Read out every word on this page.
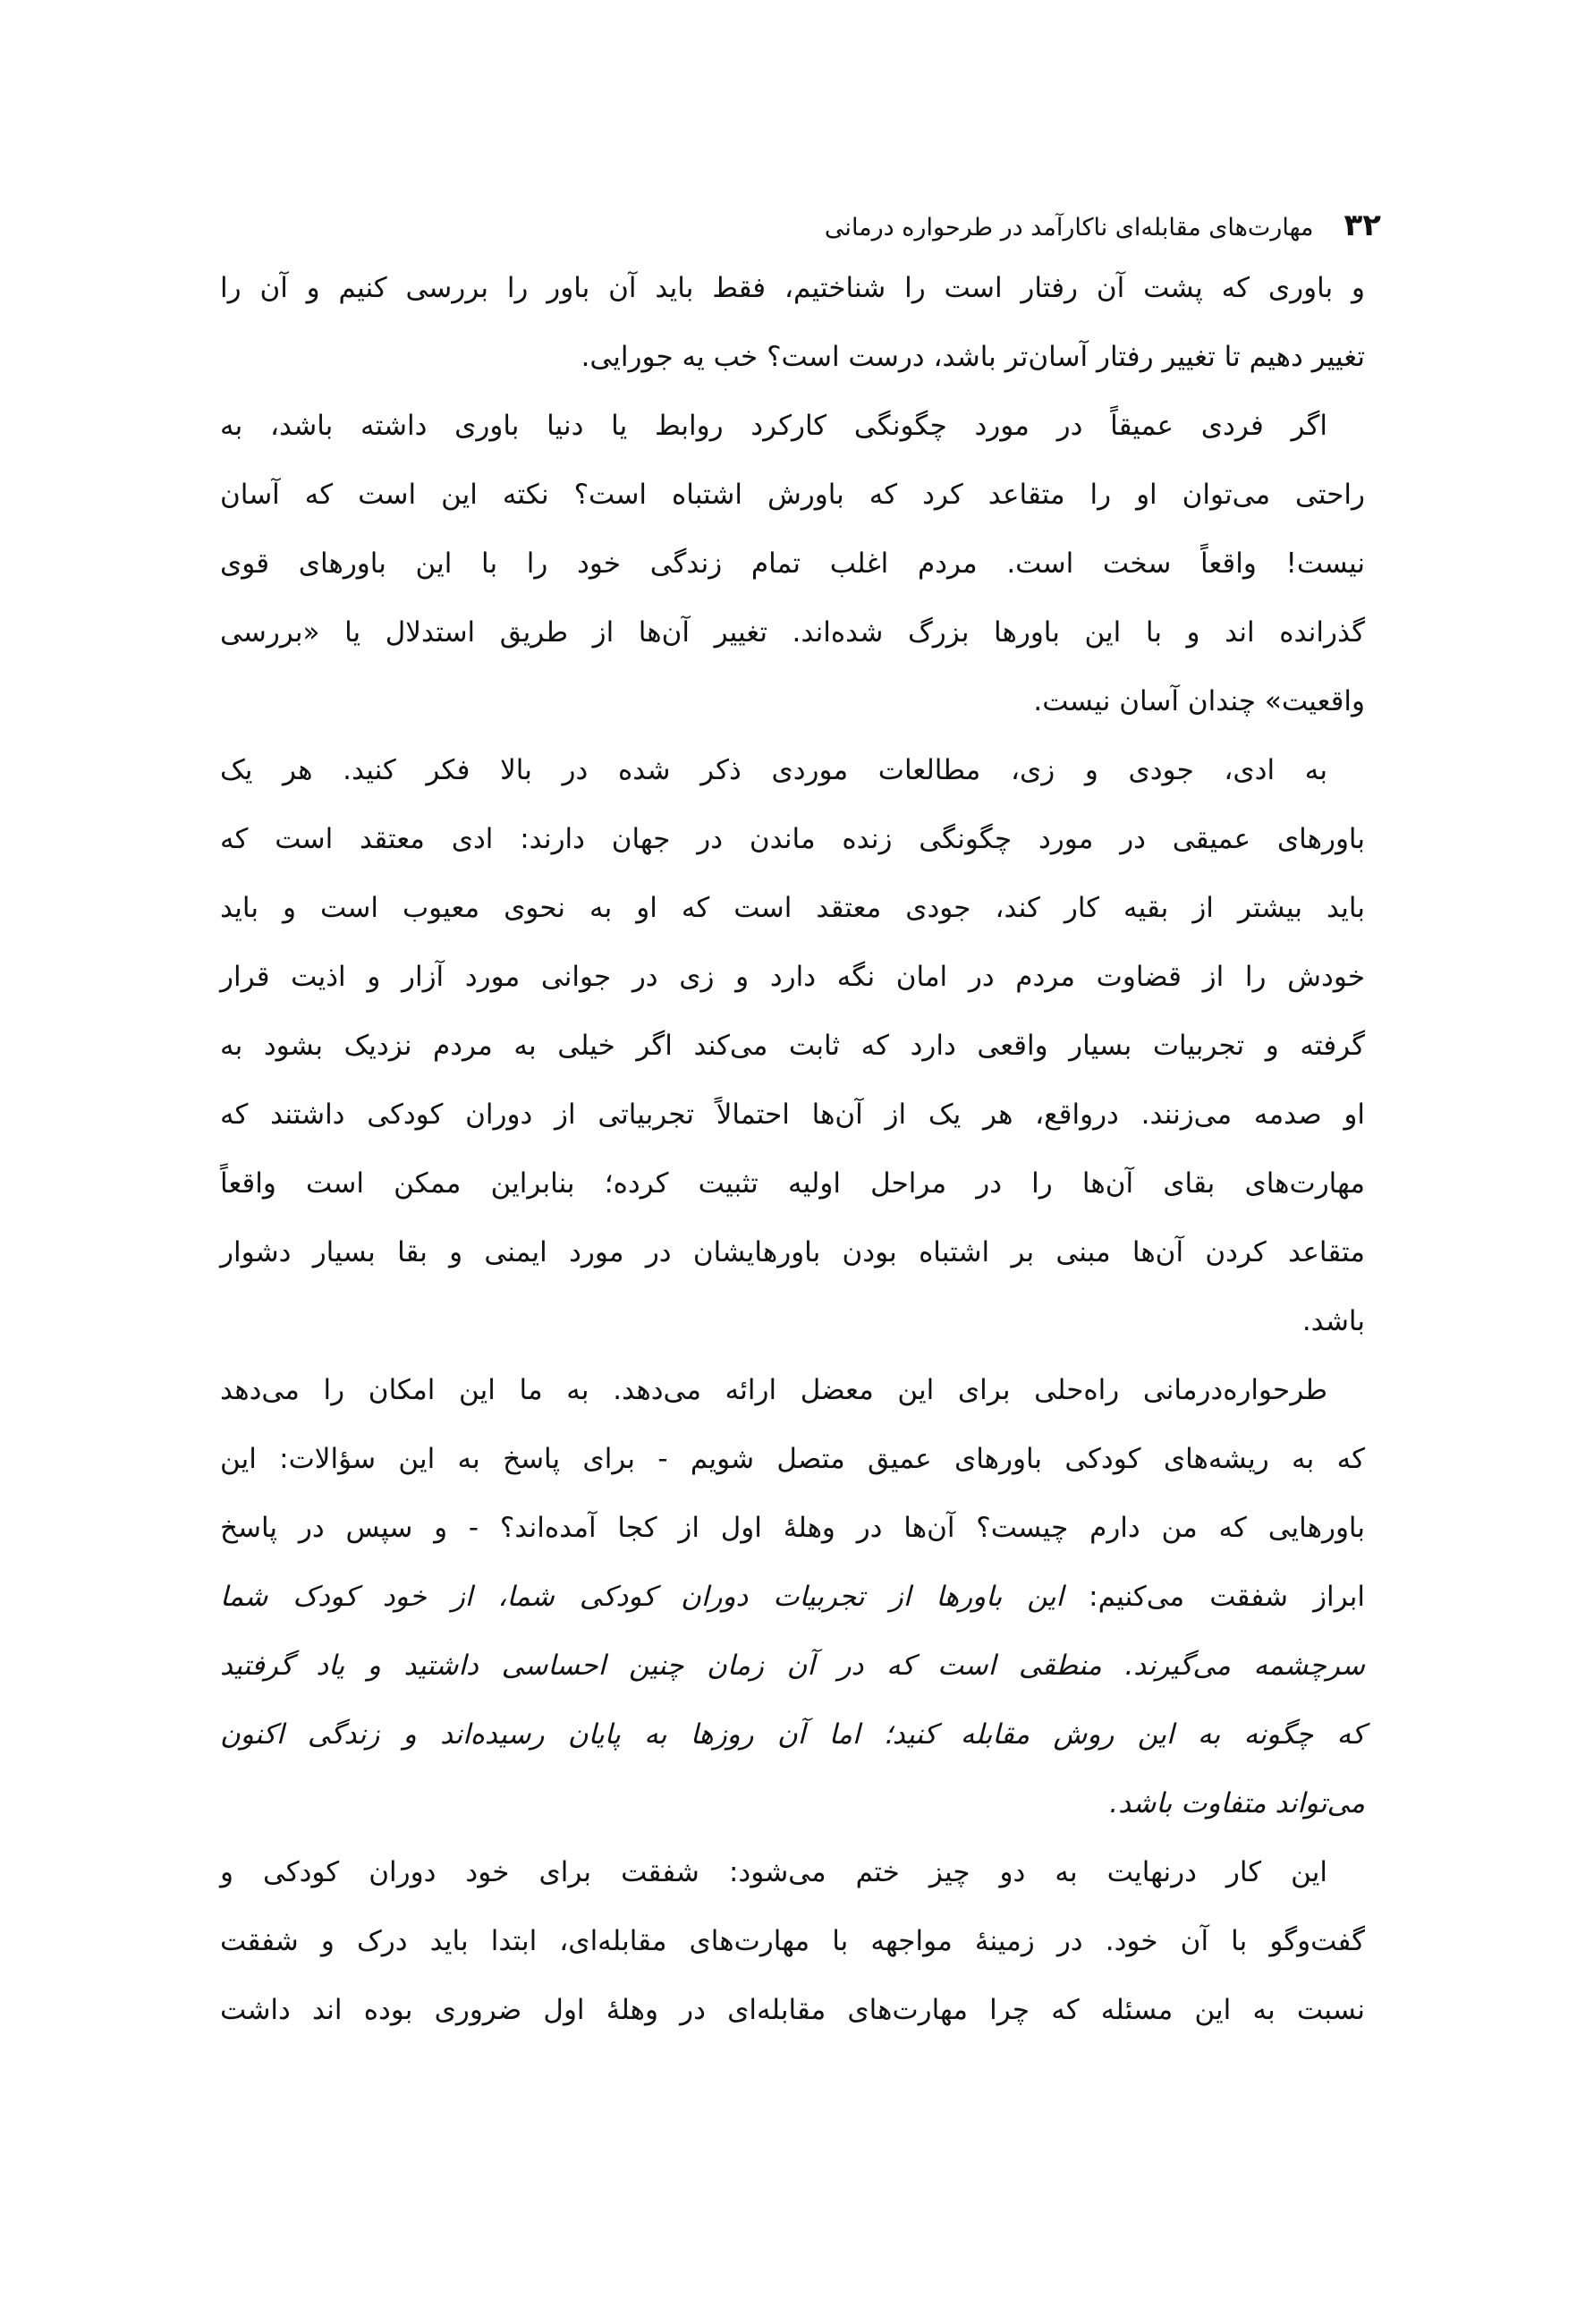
۳۲
مهارت‌های مقابله‌ای ناکارآمد در طرحواره درمانی
و باوری که پشت آن رفتار است را شناختیم، فقط باید آن باور را بررسی کنیم و آن را
تغییر دهیم تا تغییر رفتار آسان‌تر باشد، درست است؟ خب یه جورایی.
اگر فردی عمیقاً در مورد چگونگی کارکرد روابط یا دنیا باوری داشته باشد، به
راحتی می‌توان او را متقاعد کرد که باورش اشتباه است؟ نکته این است که آسان
نیست! واقعاً سخت است. مردم اغلب تمام زندگی خود را با این باورهای قوی
گذرانده اند و با این باورها بزرگ شده‌اند. تغییر آن‌ها از طریق استدلال یا «بررسی
واقعیت» چندان آسان نیست.
به ادی، جودی و زی، مطالعات موردی ذکر شده در بالا فکر کنید. هر یک
باورهای عمیقی در مورد چگونگی زنده ماندن در جهان دارند: ادی معتقد است که
باید بیشتر از بقیه کار کند، جودی معتقد است که او به نحوی معیوب است و باید
خودش را از قضاوت مردم در امان نگه دارد و زی در جوانی مورد آزار و اذیت قرار
گرفته و تجربیات بسیار واقعی دارد که ثابت می‌کند اگر خیلی به مردم نزدیک بشود به
او صدمه می‌زنند. درواقع، هر یک از آن‌ها احتمالاً تجربیاتی از دوران کودکی داشتند که
مهارت‌های بقای آن‌ها را در مراحل اولیه تثبیت کرده؛ بنابراین ممکن است واقعاً
متقاعد کردن آن‌ها مبنی بر اشتباه بودن باورهایشان در مورد ایمنی و بقا بسیار دشوار
باشد.
طرحواره‌درمانی راه‌حلی برای این معضل ارائه می‌دهد. به ما این امکان را می‌دهد
که به ریشه‌های کودکی باورهای عمیق متصل شویم - برای پاسخ به این سؤالات: این
باورهایی که من دارم چیست؟ آن‌ها در وهلهٔ اول از کجا آمده‌اند؟ - و سپس در پاسخ
ابراز شفقت می‌کنیم: این باورها از تجربیات دوران کودکی شما، از خود کودک شما
سرچشمه می‌گیرند. منطقی است که در آن زمان چنین احساسی داشتید و یاد گرفتید
که چگونه به این روش مقابله کنید؛ اما آن روزها به پایان رسیده‌اند و زندگی اکنون
می‌تواند متفاوت باشد.
این کار درنهایت به دو چیز ختم می‌شود: شفقت برای خود دوران کودکی و
گفت‌وگو با آن خود. در زمینهٔ مواجهه با مهارت‌های مقابله‌ای، ابتدا باید درک و شفقت
نسبت به این مسئله که چرا مهارت‌های مقابله‌ای در وهلهٔ اول ضروری بوده اند داشت
